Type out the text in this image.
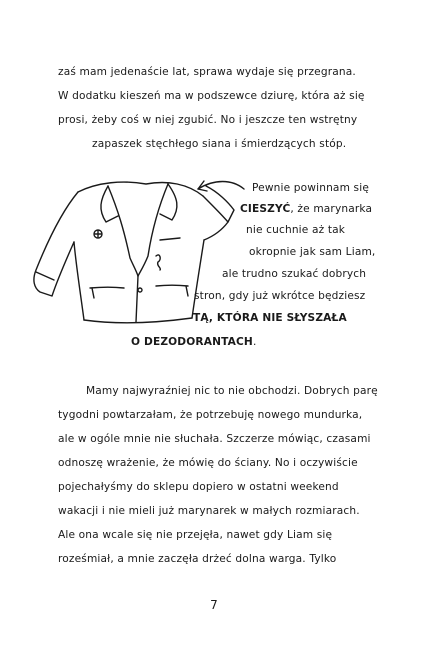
zaś mam jedenaście lat, sprawa wydaje się przegrana.
W dodatku kieszeń ma w podszewce dziurę, która aż się
prosi, żeby coś w niej zgubić. No i jeszcze ten wstrętny
zapaszek stęchłego siana i śmierdzących stóp.
Pewnie powinnam się
CIESZYĆ, że marynarka
nie cuchnie aż tak
okropnie jak sam Liam,
ale trudno szukać dobrych
stron, gdy już wkrótce będziesz
TĄ, KTÓRA NIE SŁYSZAŁA
O DEZODORANTACH.
Mamy najwyraźniej nic to nie obchodzi. Dobrych parę
tygodni powtarzałam, że potrzebuję nowego mundurka,
ale w ogóle mnie nie słuchała. Szczerze mówiąc, czasami
odnoszę wrażenie, że mówię do ściany. No i oczywiście
pojechałyśmy do sklepu dopiero w ostatni weekend
wakacji i nie mieli już marynarek w małych rozmiarach.
Ale ona wcale się nie przejęła, nawet gdy Liam się
roześmiał, a mnie zaczęła drżeć dolna warga. Tylko
7
